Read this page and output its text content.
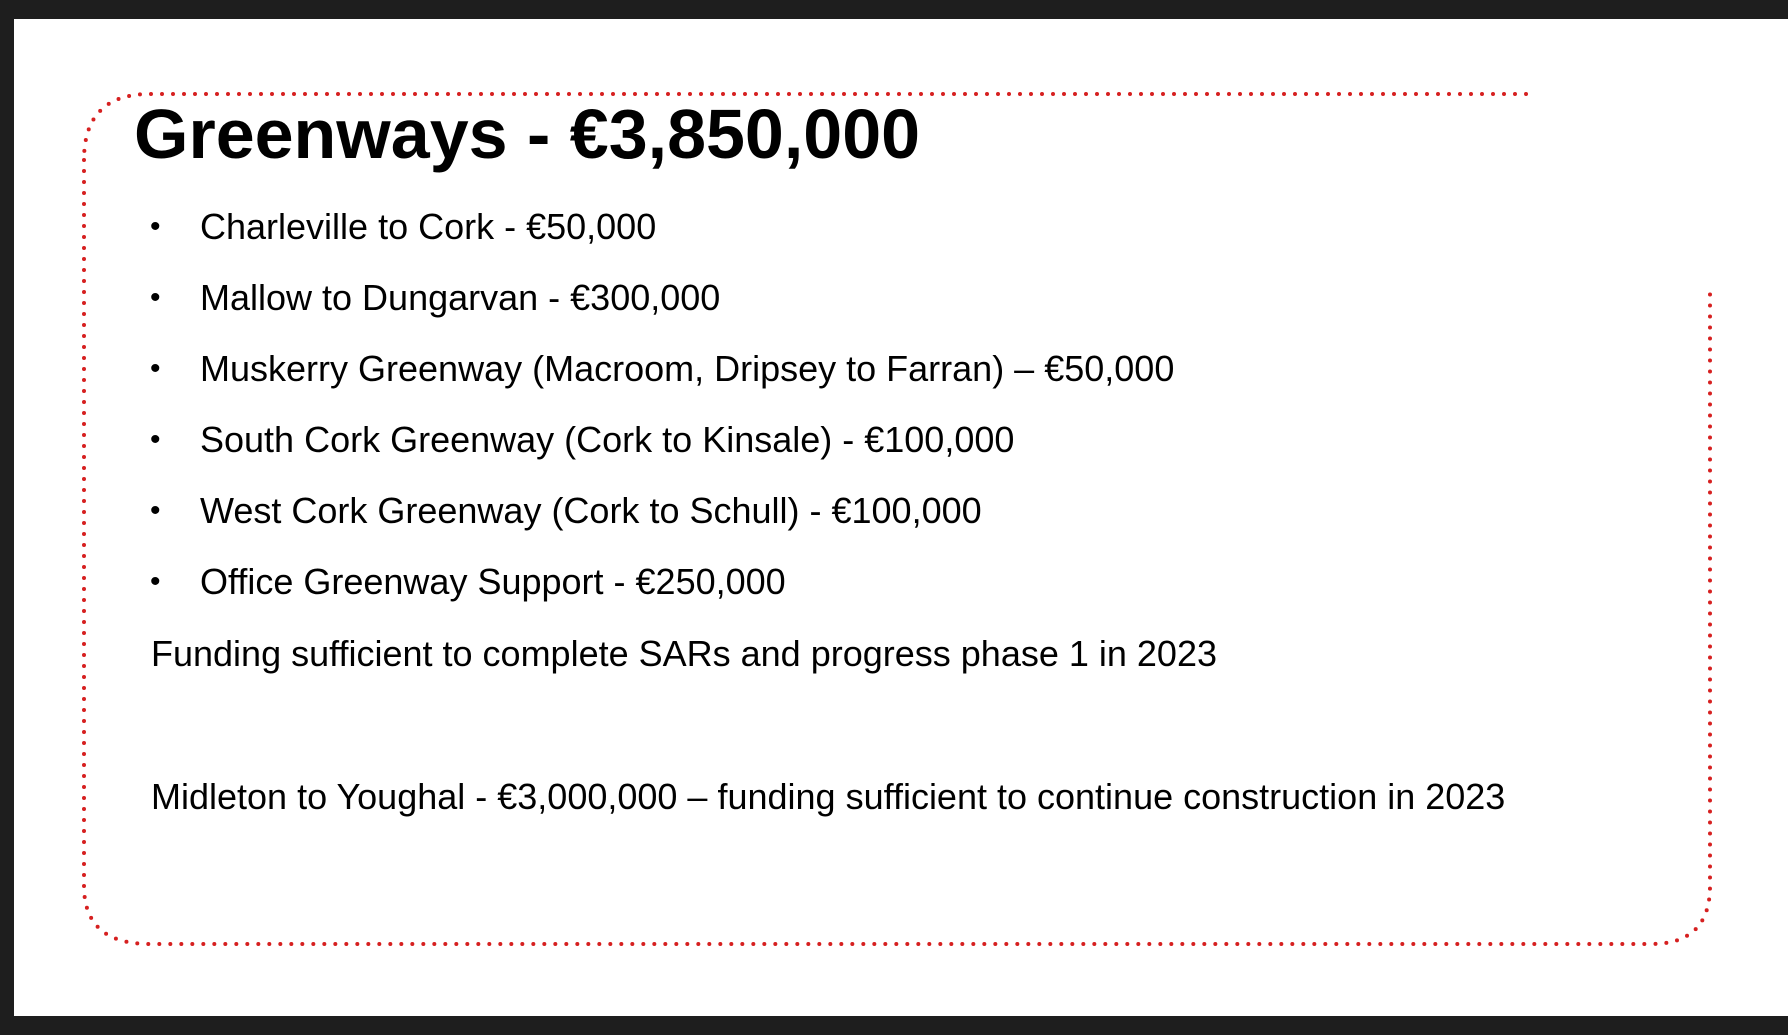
Greenways - €3,850,000
• Charleville to Cork - €50,000
• Mallow to Dungarvan - €300,000
• Muskerry Greenway (Macroom, Dripsey to Farran) – €50,000
• South Cork Greenway (Cork to Kinsale) - €100,000
• West Cork Greenway (Cork to Schull) - €100,000
• Office Greenway Support - €250,000

Funding sufficient to complete SARs and progress phase 1 in 2023

Midleton to Youghal - €3,000,000 – funding sufficient to continue construction in 2023
